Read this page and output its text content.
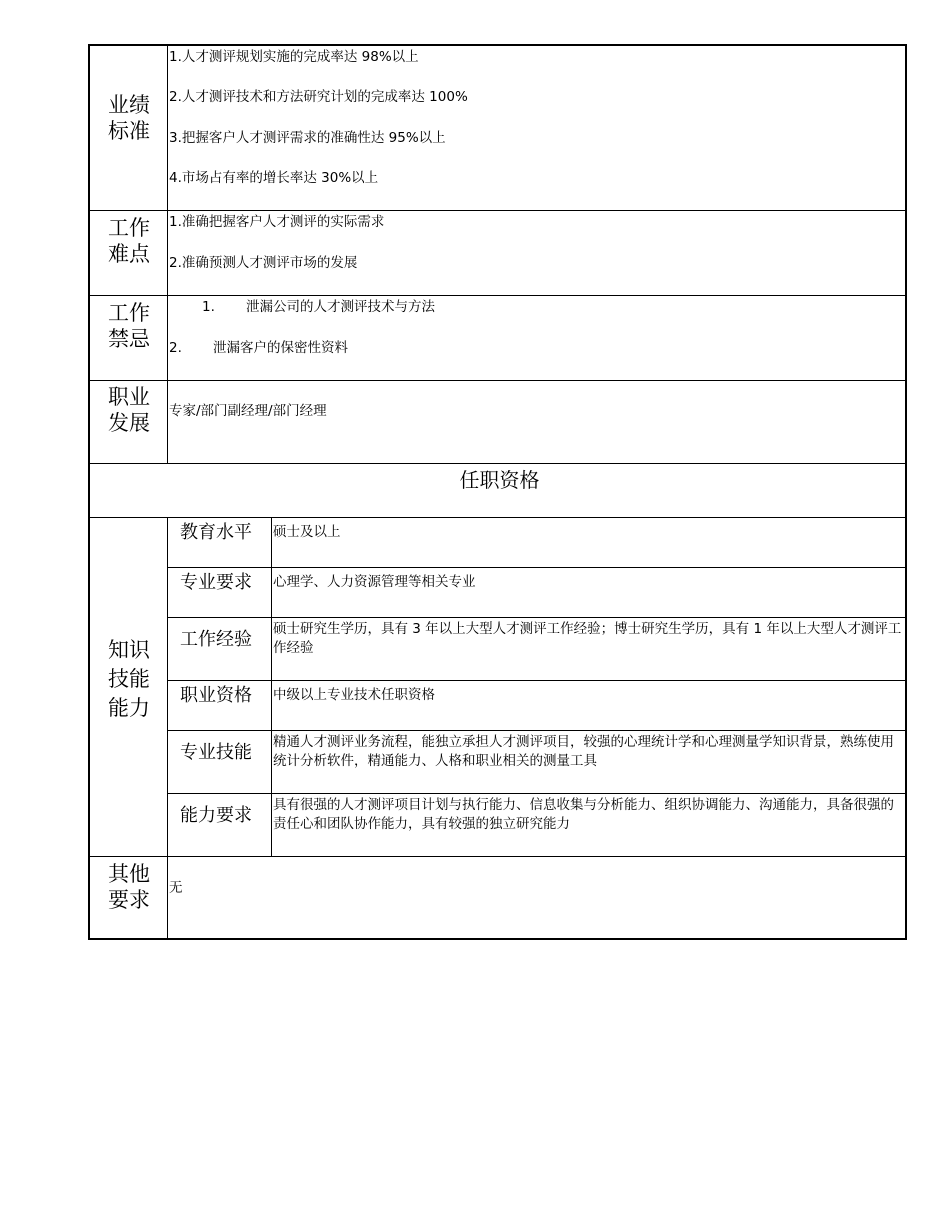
业绩
标准
1.人才测评规划实施的完成率达 98%以上
2.人才测评技术和方法研究计划的完成率达 100%
3.把握客户人才测评需求的准确性达 95%以上
4.市场占有率的增长率达 30%以上
工作
难点
1.准确把握客户人才测评的实际需求
2.准确预测人才测评市场的发展
工作
禁忌
1. 泄漏公司的人才测评技术与方法
2. 泄漏客户的保密性资料
职业
发展	专家/部门副经理/部门经理
任职资格
知识
技能
能力
教育水平 硕士及以上
专业要求 心理学、人力资源管理等相关专业
工作经验 硕士研究生学历，具有 3 年以上大型人才测评工作经验；博士研究生学历，具有 1 年以上大型人才测评工作经验
职业资格 中级以上专业技术任职资格
专业技能 精通人才测评业务流程，能独立承担人才测评项目，较强的心理统计学和心理测量学知识背景，熟练使用统计分析软件，精通能力、人格和职业相关的测量工具
能力要求 具有很强的人才测评项目计划与执行能力、信息收集与分析能力、组织协调能力、沟通能力，具备很强的责任心和团队协作能力，具有较强的独立研究能力
其他
要求	无
